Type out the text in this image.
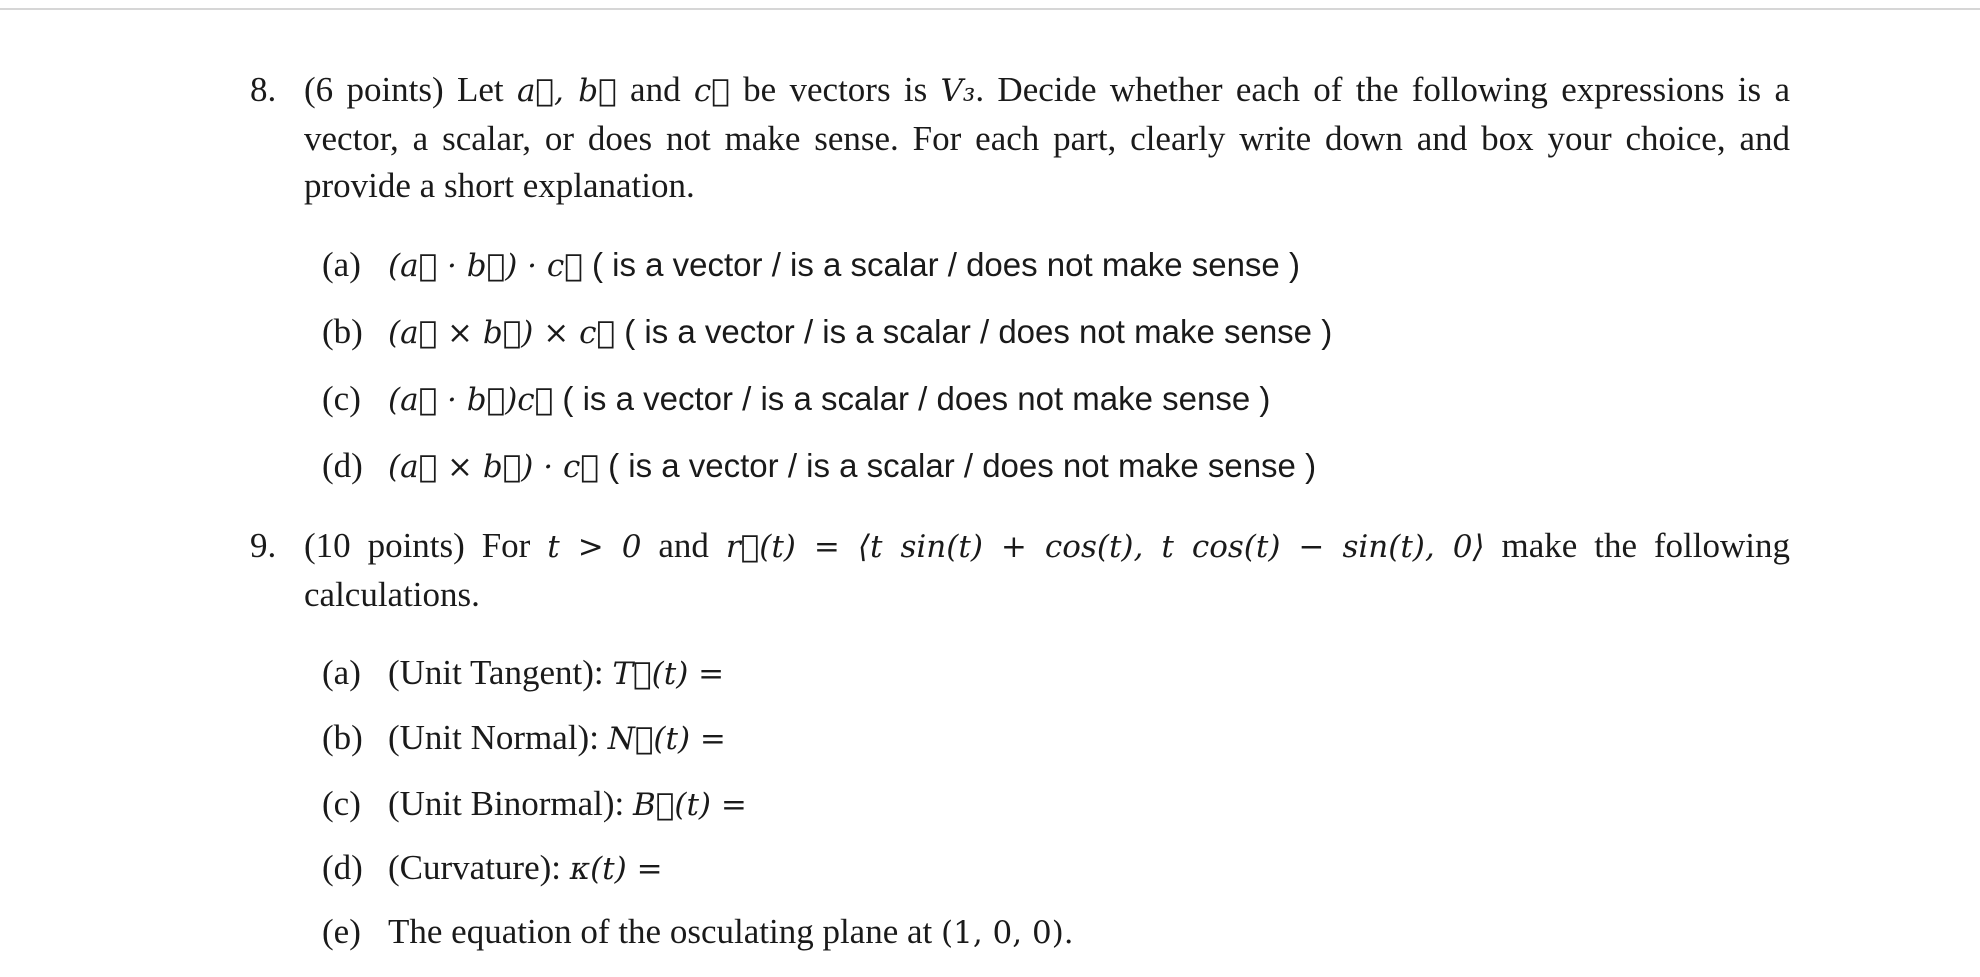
8. (6 points) Let a⃗, b⃗ and c⃗ be vectors is V₃. Decide whether each of the following expressions is a vector, a scalar, or does not make sense. For each part, clearly write down and box your choice, and provide a short explanation.
(a) (a⃗ · b⃗) · c⃗ ( is a vector / is a scalar / does not make sense )
(b) (a⃗ × b⃗) × c⃗ ( is a vector / is a scalar / does not make sense )
(c) (a⃗ · b⃗)c⃗ ( is a vector / is a scalar / does not make sense )
(d) (a⃗ × b⃗) · c⃗ ( is a vector / is a scalar / does not make sense )
9. (10 points) For t > 0 and r⃗(t) = ⟨t sin(t) + cos(t), t cos(t) − sin(t), 0⟩ make the following calculations.
(a) (Unit Tangent): T⃗(t) =
(b) (Unit Normal): N⃗(t) =
(c) (Unit Binormal): B⃗(t) =
(d) (Curvature): κ(t) =
(e) The equation of the osculating plane at (1, 0, 0).
